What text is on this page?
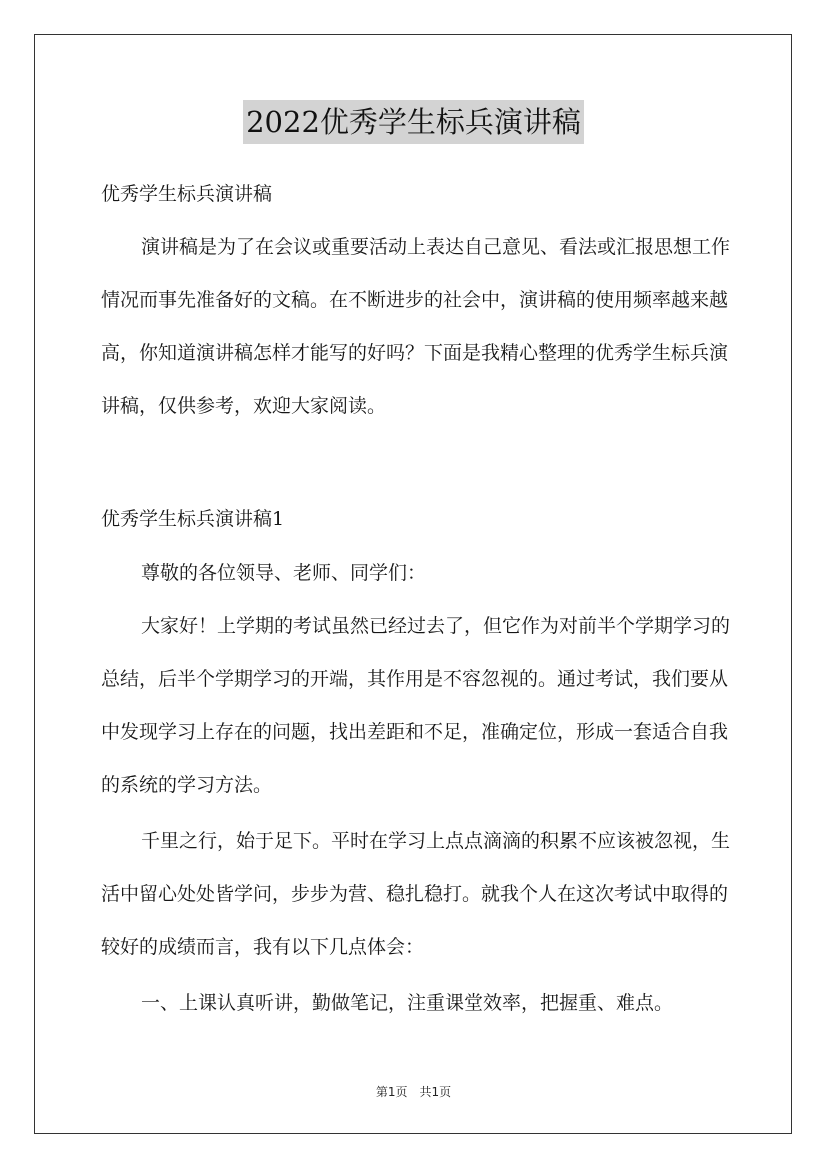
2022优秀学生标兵演讲稿
优秀学生标兵演讲稿
演讲稿是为了在会议或重要活动上表达自己意见、看法或汇报思想工作情况而事先准备好的文稿。在不断进步的社会中，演讲稿的使用频率越来越高，你知道演讲稿怎样才能写的好吗？下面是我精心整理的优秀学生标兵演讲稿，仅供参考，欢迎大家阅读。
优秀学生标兵演讲稿1
尊敬的各位领导、老师、同学们：
大家好！上学期的考试虽然已经过去了，但它作为对前半个学期学习的总结，后半个学期学习的开端，其作用是不容忽视的。通过考试，我们要从中发现学习上存在的问题，找出差距和不足，准确定位，形成一套适合自我的系统的学习方法。
千里之行，始于足下。平时在学习上点点滴滴的积累不应该被忽视，生活中留心处处皆学问，步步为营、稳扎稳打。就我个人在这次考试中取得的较好的成绩而言，我有以下几点体会：
一、上课认真听讲，勤做笔记，注重课堂效率，把握重、难点。
第1页　共1页
